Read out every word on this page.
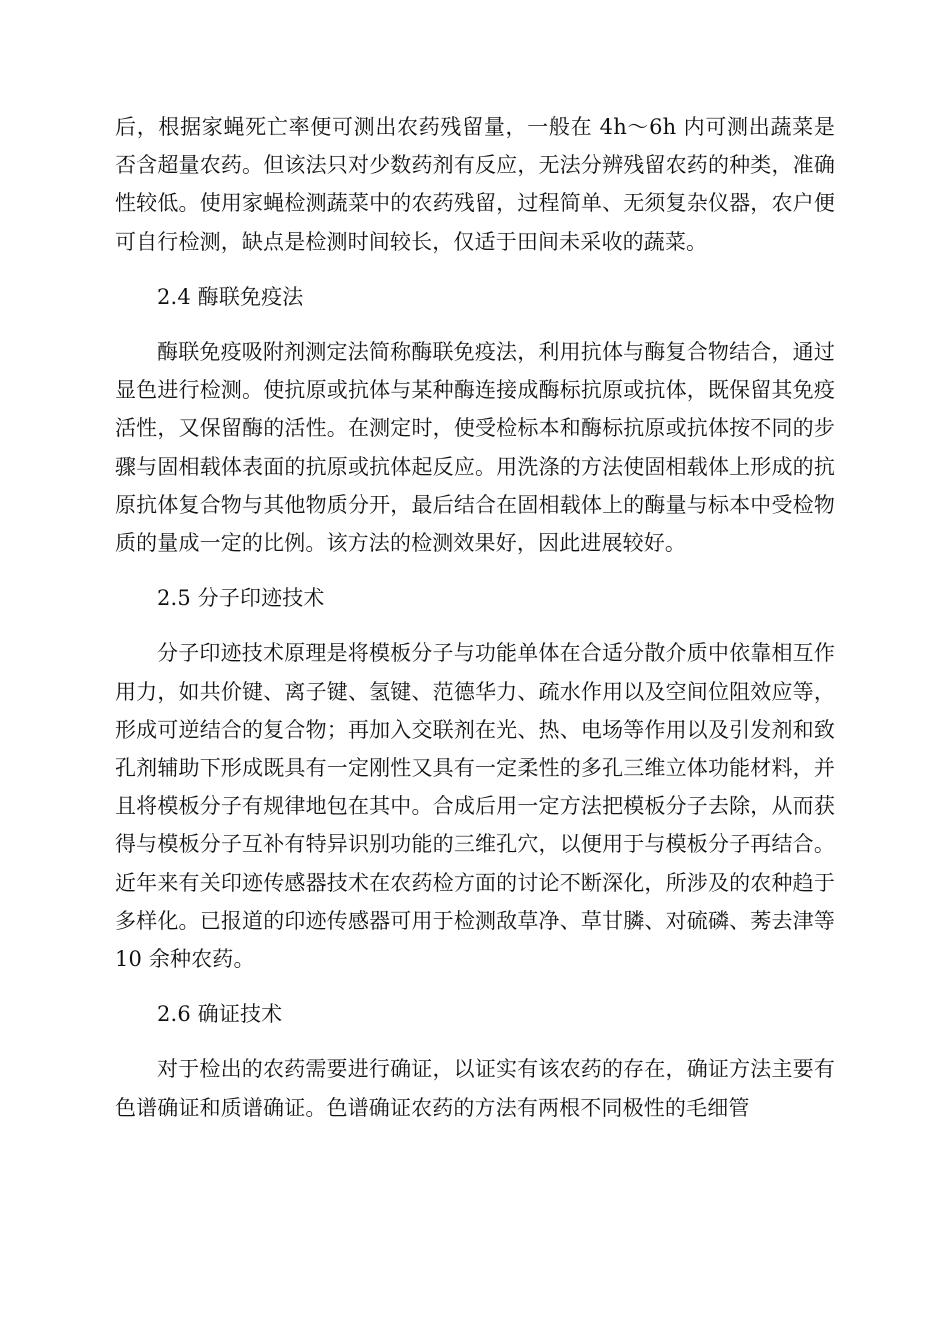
后，根据家蝇死亡率便可测出农药残留量，一般在 4h～6h 内可测出蔬菜是否含超量农药。但该法只对少数药剂有反应，无法分辨残留农药的种类，准确性较低。使用家蝇检测蔬菜中的农药残留，过程简单、无须复杂仪器，农户便可自行检测，缺点是检测时间较长，仅适于田间未采收的蔬菜。

2.4 酶联免疫法

酶联免疫吸附剂测定法简称酶联免疫法，利用抗体与酶复合物结合，通过显色进行检测。使抗原或抗体与某种酶连接成酶标抗原或抗体，既保留其免疫活性，又保留酶的活性。在测定时，使受检标本和酶标抗原或抗体按不同的步骤与固相载体表面的抗原或抗体起反应。用洗涤的方法使固相载体上形成的抗原抗体复合物与其他物质分开，最后结合在固相载体上的酶量与标本中受检物质的量成一定的比例。该方法的检测效果好，因此进展较好。

2.5 分子印迹技术

分子印迹技术原理是将模板分子与功能单体在合适分散介质中依靠相互作用力，如共价键、离子键、氢键、范德华力、疏水作用以及空间位阻效应等，形成可逆结合的复合物；再加入交联剂在光、热、电场等作用以及引发剂和致孔剂辅助下形成既具有一定刚性又具有一定柔性的多孔三维立体功能材料，并且将模板分子有规律地包在其中。合成后用一定方法把模板分子去除，从而获得与模板分子互补有特异识别功能的三维孔穴，以便用于与模板分子再结合。近年来有关印迹传感器技术在农药检方面的讨论不断深化，所涉及的农种趋于多样化。已报道的印迹传感器可用于检测敌草净、草甘膦、对硫磷、莠去津等 10 余种农药。

2.6 确证技术

对于检出的农药需要进行确证，以证实有该农药的存在，确证方法主要有色谱确证和质谱确证。色谱确证农药的方法有两根不同极性的毛细管
